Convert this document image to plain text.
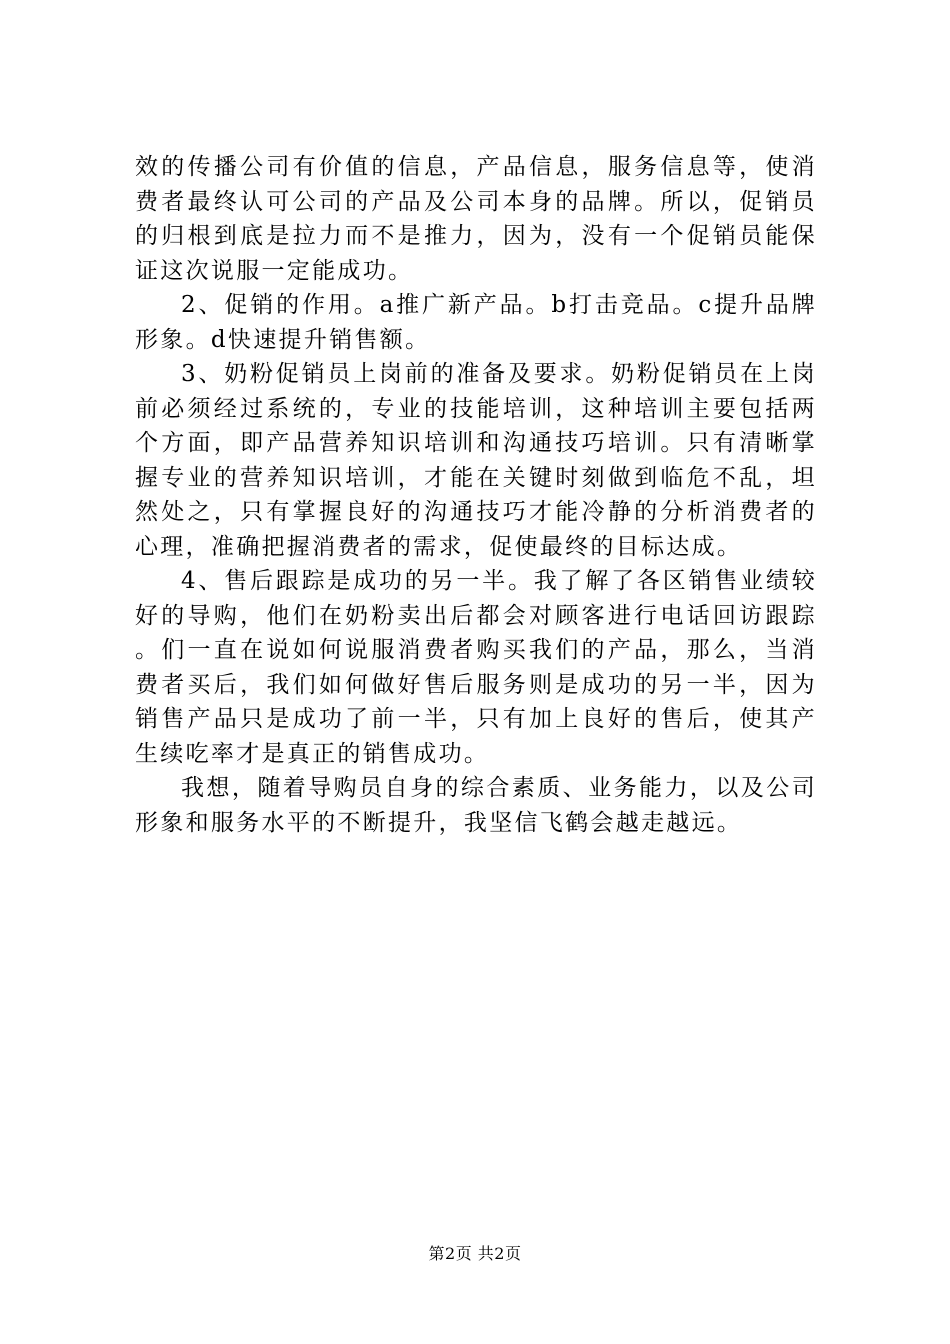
效的传播公司有价值的信息，产品信息，服务信息等，使消费者最终认可公司的产品及公司本身的品牌。所以，促销员的归根到底是拉力而不是推力，因为，没有一个促销员能保证这次说服一定能成功。

2、促销的作用。a推广新产品。b打击竞品。c提升品牌形象。d快速提升销售额。

3、奶粉促销员上岗前的准备及要求。奶粉促销员在上岗前必须经过系统的，专业的技能培训，这种培训主要包括两个方面，即产品营养知识培训和沟通技巧培训。只有清晰掌握专业的营养知识培训，才能在关键时刻做到临危不乱，坦然处之，只有掌握良好的沟通技巧才能冷静的分析消费者的心理，准确把握消费者的需求，促使最终的目标达成。

4、售后跟踪是成功的另一半。我了解了各区销售业绩较好的导购，他们在奶粉卖出后都会对顾客进行电话回访跟踪。们一直在说如何说服消费者购买我们的产品，那么，当消费者买后，我们如何做好售后服务则是成功的另一半，因为销售产品只是成功了前一半，只有加上良好的售后，使其产生续吃率才是真正的销售成功。

我想，随着导购员自身的综合素质、业务能力，以及公司形象和服务水平的不断提升，我坚信飞鹤会越走越远。

第2页 共2页
